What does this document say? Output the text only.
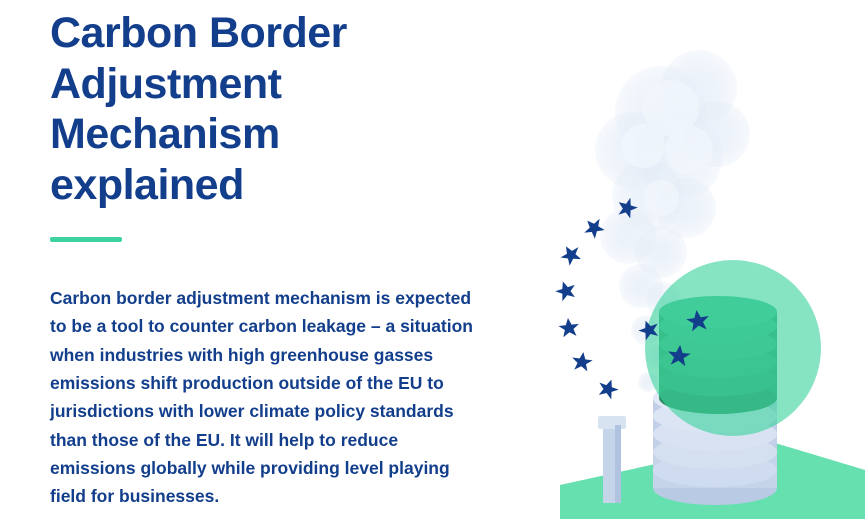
Carbon Border
Adjustment Mechanism
explained

Carbon border adjustment mechanism is expected to be a tool to counter carbon leakage – a situation when industries with high greenhouse gasses emissions shift production outside of the EU to jurisdictions with lower climate policy standards than those of the EU. It will help to reduce emissions globally while providing level playing field for businesses.
